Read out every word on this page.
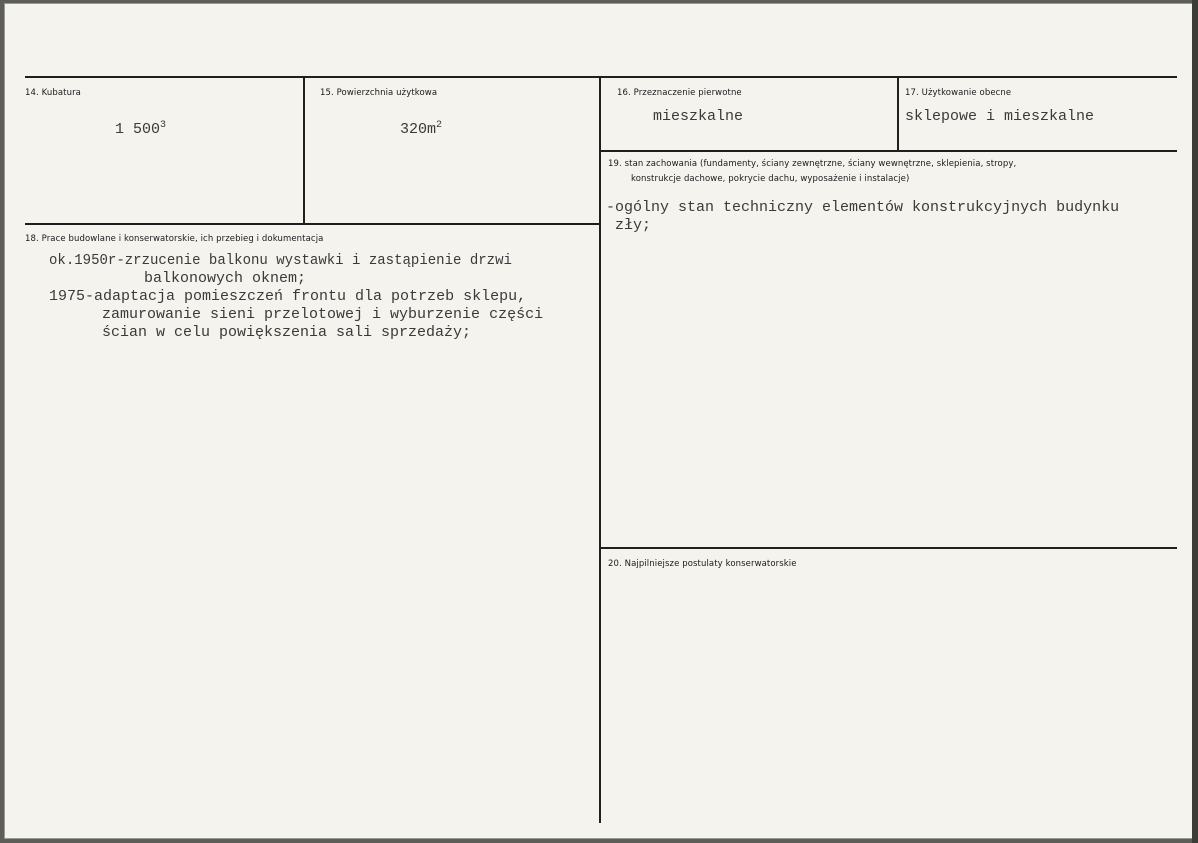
14. Kubatura
1 $500^3$
15. Powierzchnia użytkowa
$320m^2$
16. Przeznaczenie pierwotne
mieszkalne
17. Użytkowanie obecne
sklepowe i mieszkalne
19. stan zachowania (fundamenty, ściany zewnętrzne, ściany wewnętrzne, sklepienia, stropy,
konstrukcje dachowe, pokrycie dachu, wyposażenie i instalacje)
-ogólny stan techniczny elementów konstrukcyjnych budynku
zły;
18. Prace budowlane i konserwatorskie, ich przebieg i dokumentacja
ok.1950r-zrzucenie balkonu wystawki i zastąpienie drzwi
balkonowych oknem;
1975-adaptacja pomieszczeń frontu dla potrzeb sklepu,
zamurowanie sieni przelotowej i wyburzenie części
ścian w celu powiększenia sali sprzedaży;
20. Najpilniejsze postulaty konserwatorskie
